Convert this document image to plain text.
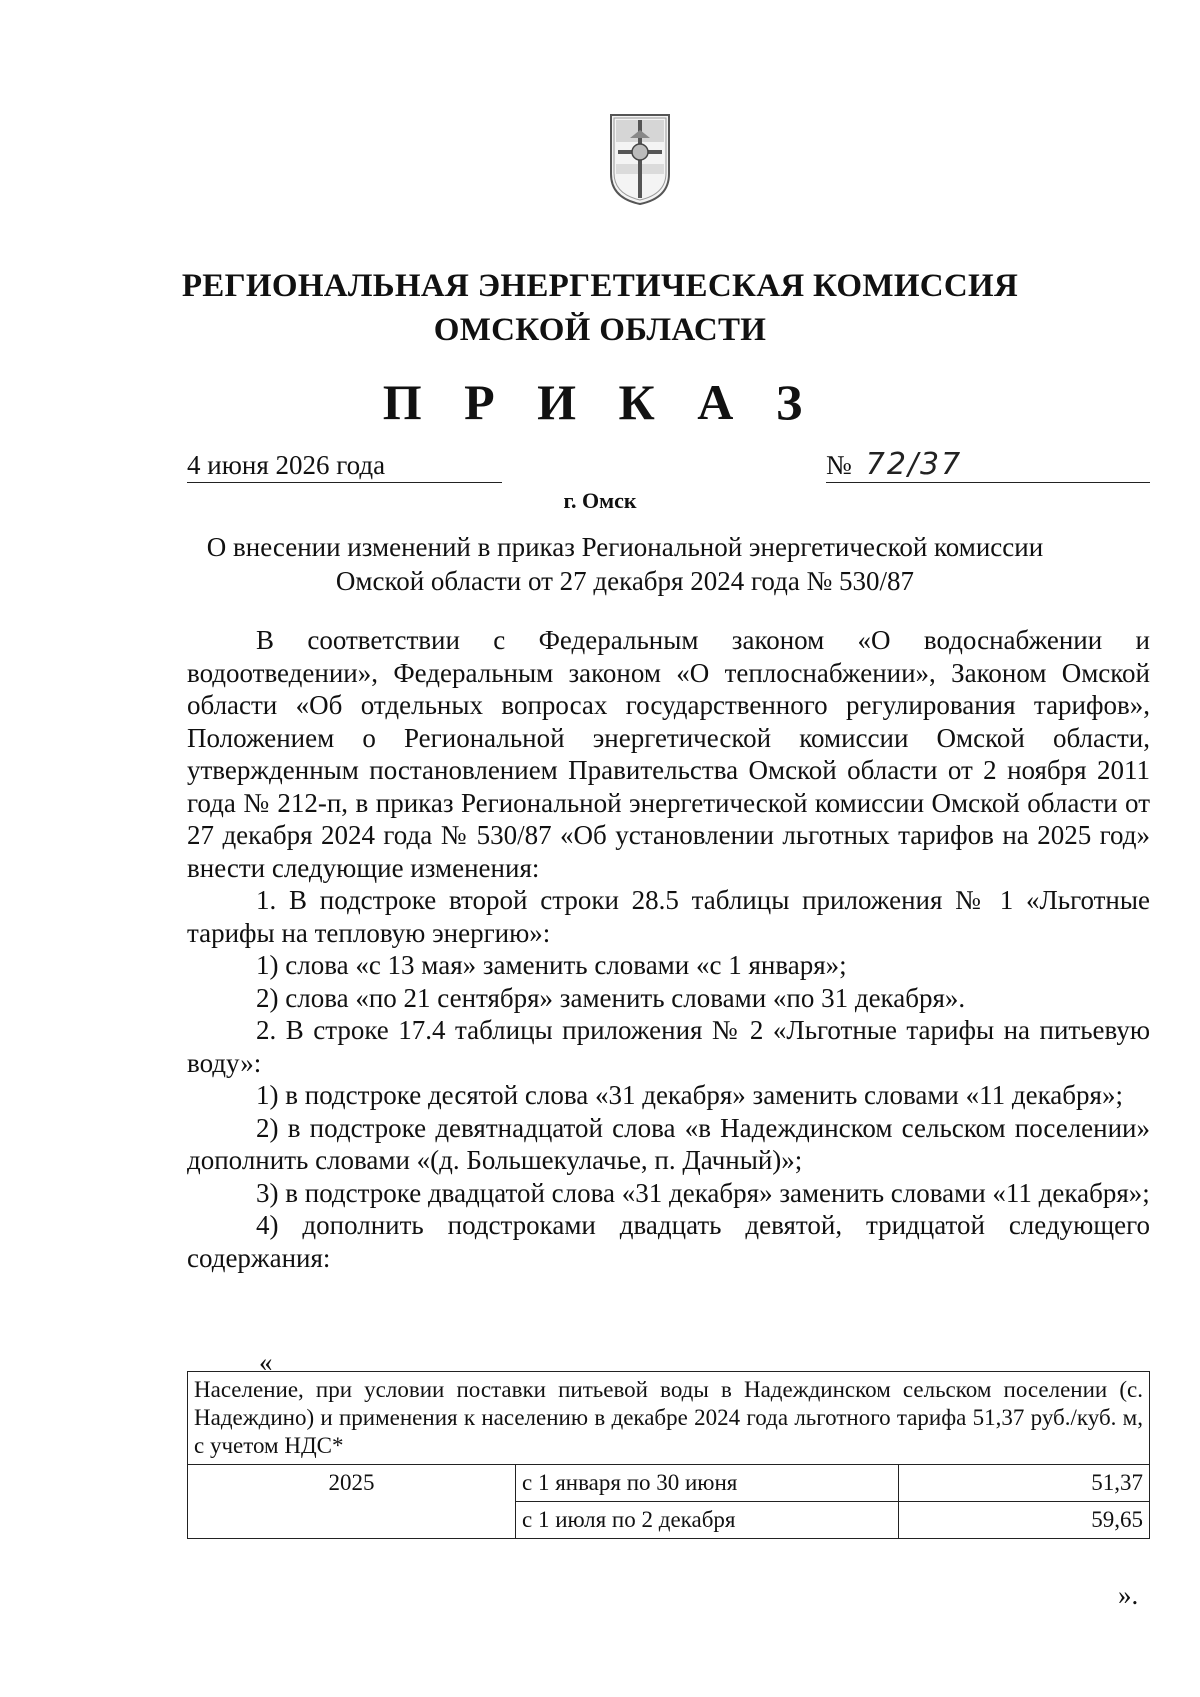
РЕГИОНАЛЬНАЯ ЭНЕРГЕТИЧЕСКАЯ КОМИССИЯ
ОМСКОЙ ОБЛАСТИ
П Р И К А З
4 июня 2026 года	№ 72/37
г. Омск
О внесении изменений в приказ Региональной энергетической комиссии Омской области от 27 декабря 2024 года № 530/87

В соответствии с Федеральным законом «О водоснабжении и водоотведении», Федеральным законом «О теплоснабжении», Законом Омской области «Об отдельных вопросах государственного регулирования тарифов», Положением о Региональной энергетической комиссии Омской области, утвержденным постановлением Правительства Омской области от 2 ноября 2011 года № 212-п, в приказ Региональной энергетической комиссии Омской области от 27 декабря 2024 года № 530/87 «Об установлении льготных тарифов на 2025 год» внести следующие изменения:

1. В подстроке второй строки 28.5 таблицы приложения № 1 «Льготные тарифы на тепловую энергию»:

1) слова «с 13 мая» заменить словами «с 1 января»;

2) слова «по 21 сентября» заменить словами «по 31 декабря».

2. В строке 17.4 таблицы приложения № 2 «Льготные тарифы на питьевую воду»:

1) в подстроке десятой слова «31 декабря» заменить словами «11 декабря»;

2) в подстроке девятнадцатой слова «в Надеждинском сельском поселении» дополнить словами «(д. Большекулачье, п. Дачный)»;

3) в подстроке двадцатой слова «31 декабря» заменить словами «11 декабря»;

4) дополнить подстроками двадцать девятой, тридцатой следующего содержания:

«
Население, при условии поставки питьевой воды в Надеждинском сельском поселении (с. Надеждино) и применения к населению в декабре 2024 года льготного тарифа 51,37 руб./куб. м, с учетом НДС*		
2025	с 1 января по 30 июня	51,37
	с 1 июля по 2 декабря	59,65
».
